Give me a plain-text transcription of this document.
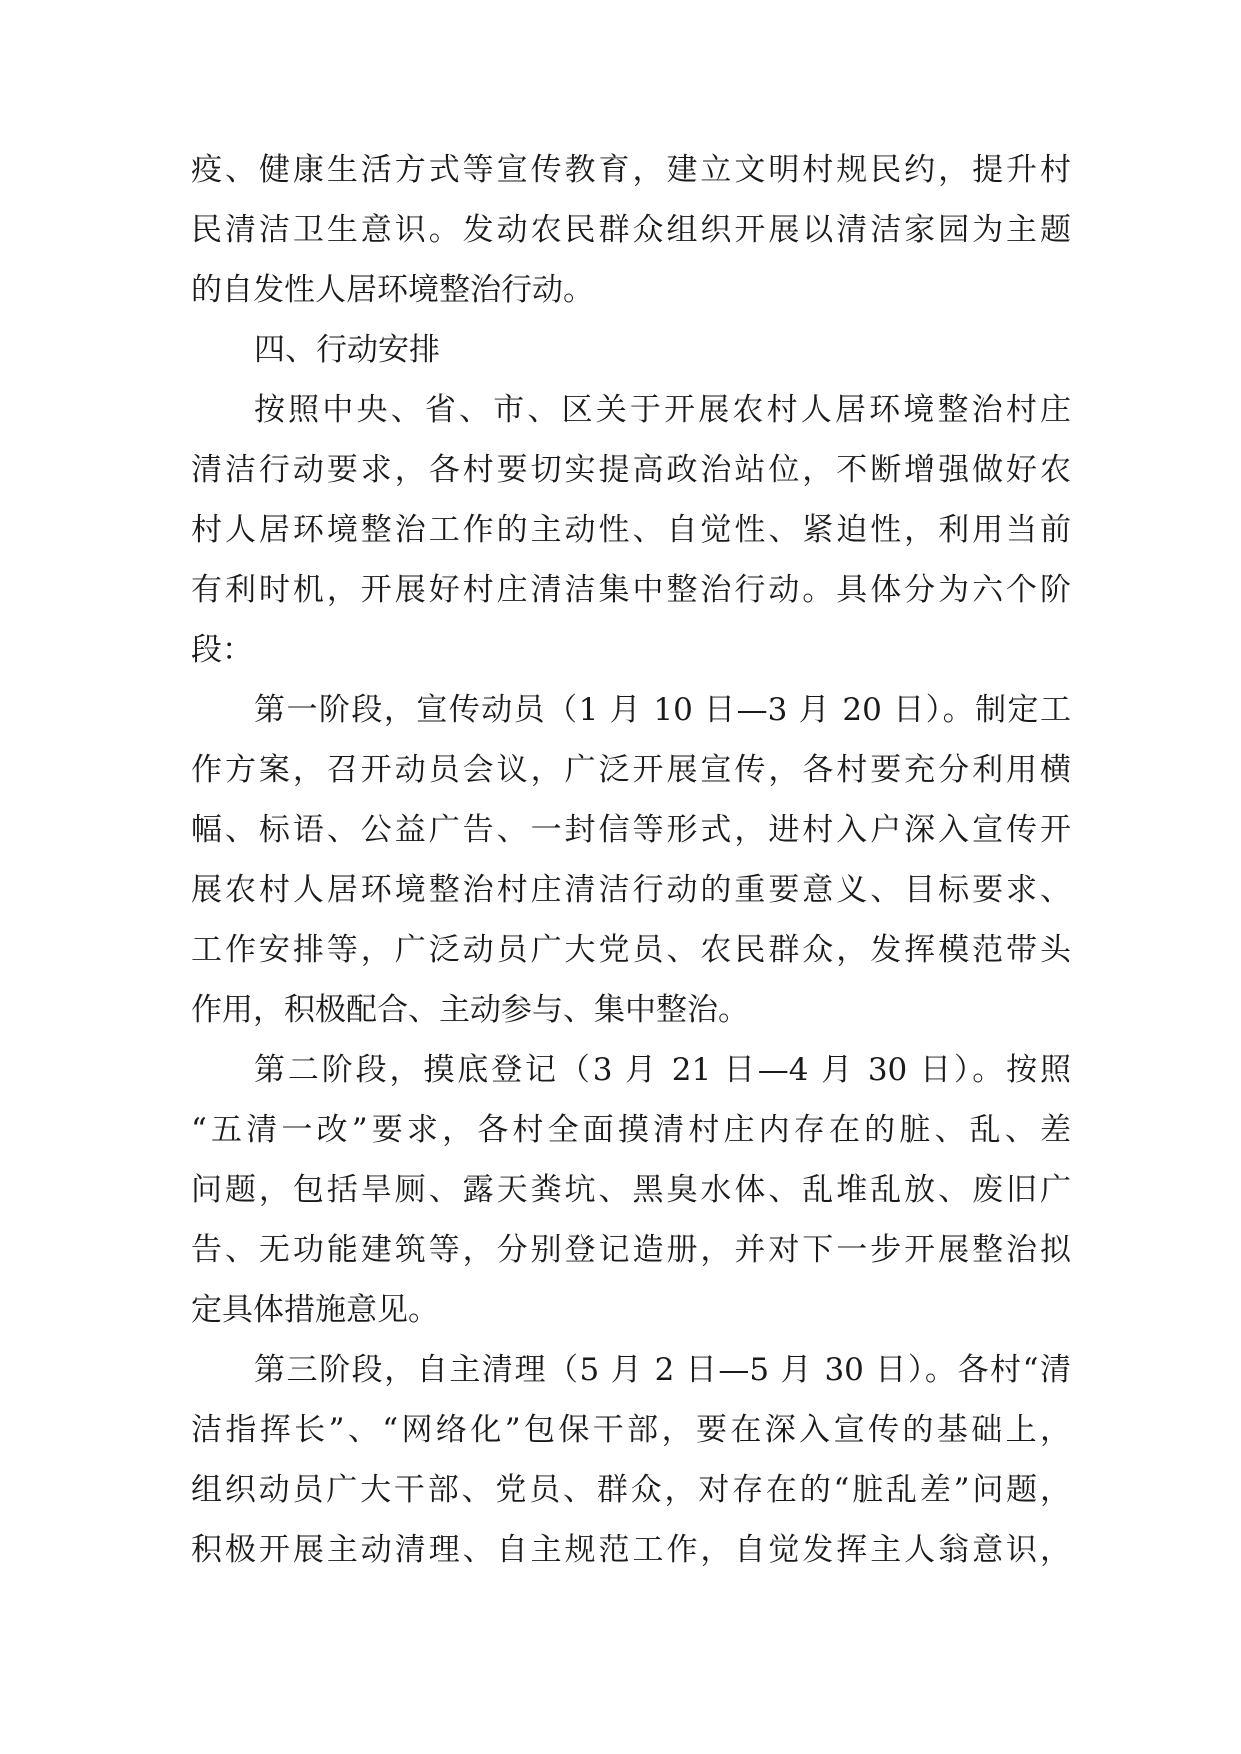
疫、健康生活方式等宣传教育，建立文明村规民约，提升村

民清洁卫生意识。发动农民群众组织开展以清洁家园为主题

的自发性人居环境整治行动。

四、行动安排

按照中央、省、市、区关于开展农村人居环境整治村庄

清洁行动要求，各村要切实提高政治站位，不断增强做好农

村人居环境整治工作的主动性、自觉性、紧迫性，利用当前

有利时机，开展好村庄清洁集中整治行动。具体分为六个阶

段：

第一阶段，宣传动员（1 月 10 日—3 月 20 日）。制定工

作方案，召开动员会议，广泛开展宣传，各村要充分利用横

幅、标语、公益广告、一封信等形式，进村入户深入宣传开

展农村人居环境整治村庄清洁行动的重要意义、目标要求、

工作安排等，广泛动员广大党员、农民群众，发挥模范带头

作用，积极配合、主动参与、集中整治。

第二阶段，摸底登记（3 月 21 日—4 月 30 日）。按照

“五清一改”要求，各村全面摸清村庄内存在的脏、乱、差

问题，包括旱厕、露天粪坑、黑臭水体、乱堆乱放、废旧广

告、无功能建筑等，分别登记造册，并对下一步开展整治拟

定具体措施意见。

第三阶段，自主清理（5 月 2 日—5 月 30 日）。各村“清

洁指挥长”、“网络化”包保干部，要在深入宣传的基础上，

组织动员广大干部、党员、群众，对存在的“脏乱差”问题，

积极开展主动清理、自主规范工作，自觉发挥主人翁意识，
